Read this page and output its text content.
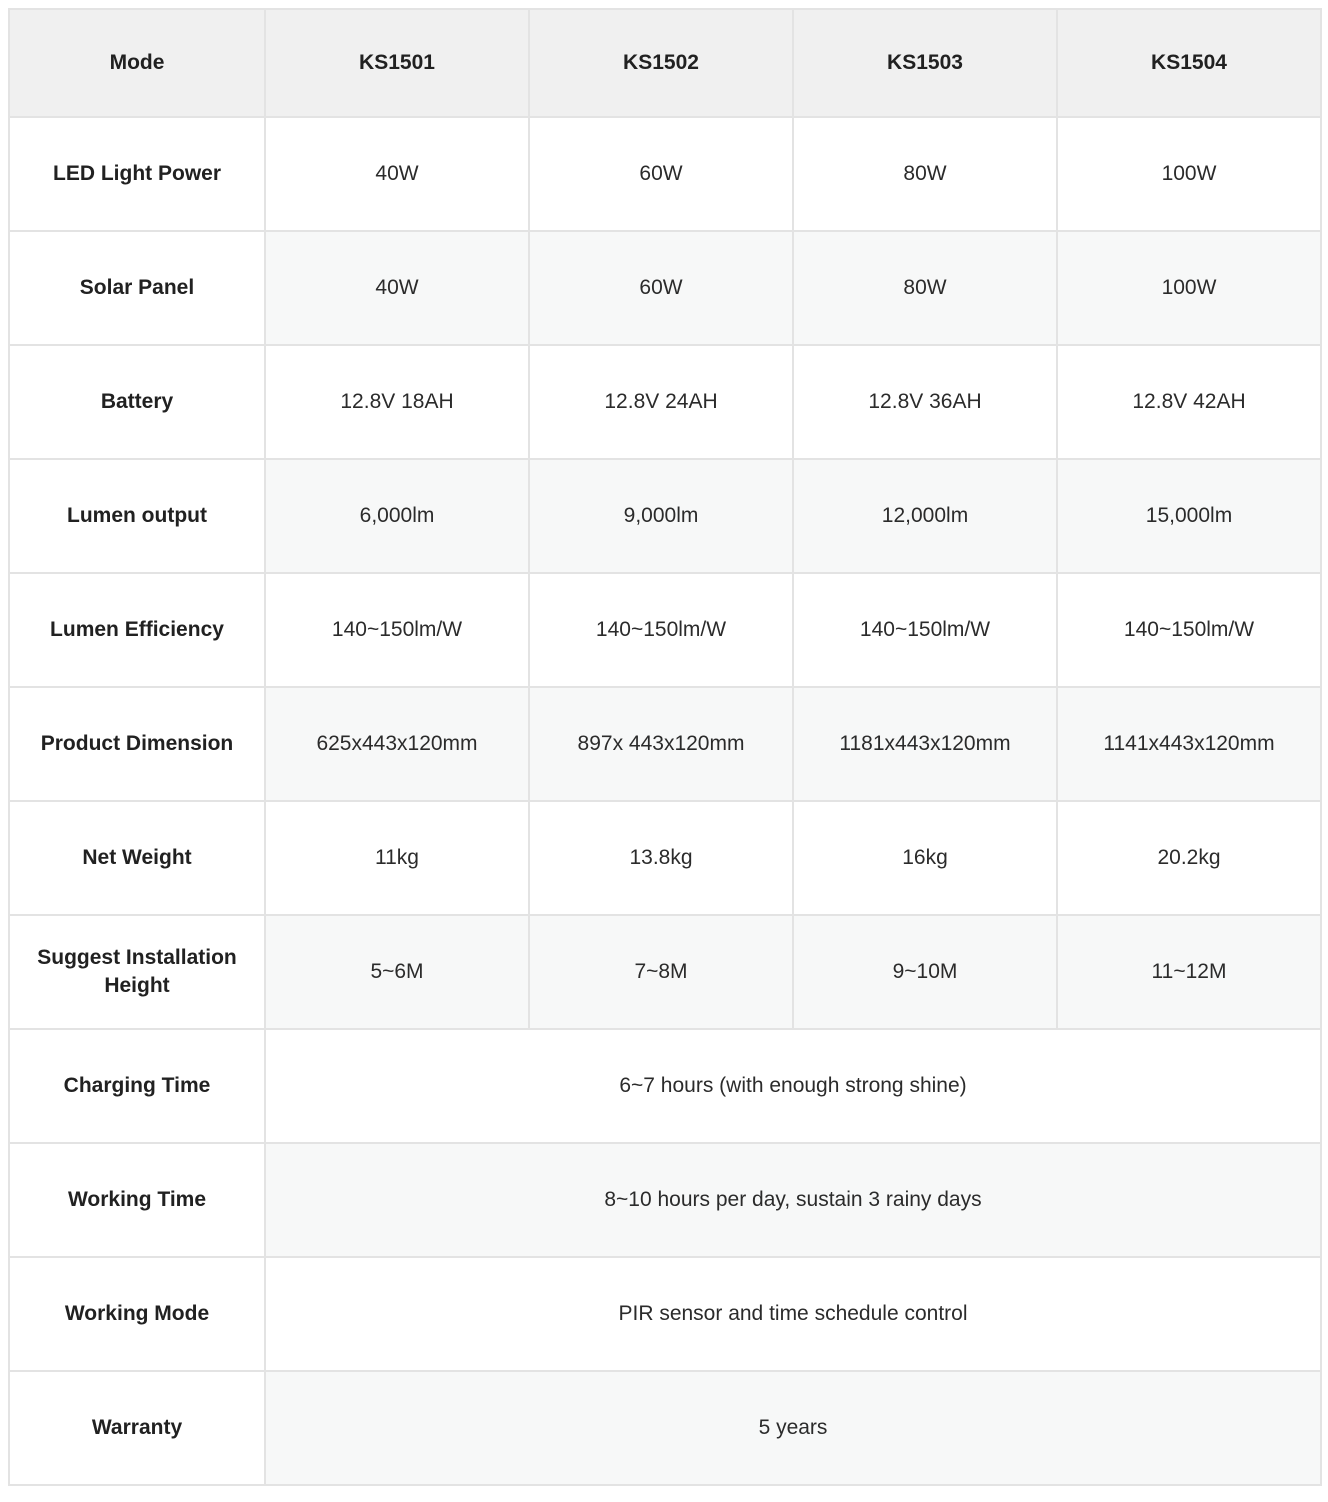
Mode	KS1501	KS1502	KS1503	KS1504
LED Light Power	40W	60W	80W	100W
Solar Panel	40W	60W	80W	100W
Battery	12.8V 18AH	12.8V 24AH	12.8V 36AH	12.8V 42AH
Lumen output	6,000lm	9,000lm	12,000lm	15,000lm
Lumen Efficiency	140~150lm/W	140~150lm/W	140~150lm/W	140~150lm/W
Product Dimension	625x443x120mm	897x 443x120mm	1181x443x120mm	1141x443x120mm
Net Weight	11kg	13.8kg	16kg	20.2kg
Suggest Installation Height	5~6M	7~8M	9~10M	11~12M
Charging Time	6~7 hours (with enough strong shine)			
Working Time	8~10 hours per day, sustain 3 rainy days			
Working Mode	PIR sensor and time schedule control			
Warranty	5 years			
